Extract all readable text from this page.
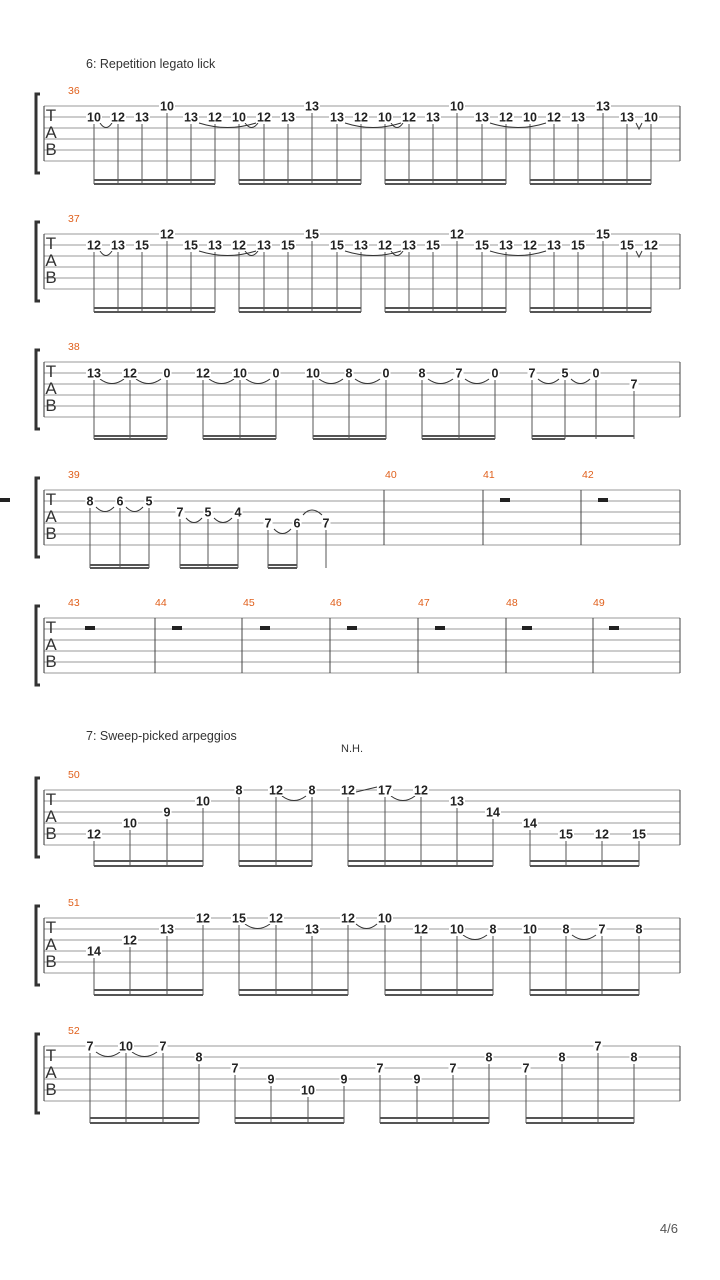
6: Repetition legato lick
7: Sweep-picked arpeggios
N.H.
T
A
B
36
10 12 13
10
13 12 10 12 13
13
13 12 10 12 13
10
13 12 10 12 13
13
13 10
T
A
B
37
12 13 15
12
15 13 12 13 15
15
15 13 12 13 15
12
15 13 12 13 15
15
15 12
T
A
B
38
13 12 0 12 10 0 10 8 0 8 7 0 7 5 0
7
T
A
B
39
8 6 5
7 5 4
7 6 7
40	41	42
T
A
B
43	44	45	46	47	48	49
T
A
B
50
12
10
9
10
8 12 8 12 17 12
13
14
14
15 12 15
T
A
B
51
14
12
13
12 15 12
13
12 10
12 10 8 10 8 7 8
T
A
B
52
7 10 7
8
7
9
10
9
7
9
7
8
7
8
7
8
4/6
